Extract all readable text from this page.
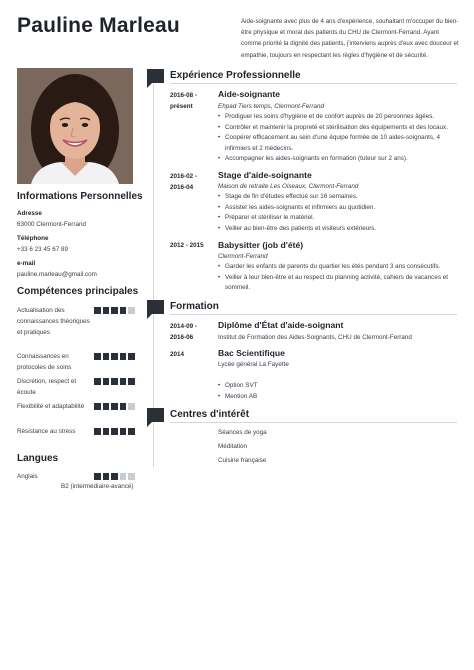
Pauline Marleau	Aide-soignante avec plus de 4 ans d'expérience, souhaitant m'occuper du bien-être physique et moral des patients du CHU de Clermont-Ferrand. Ayant comme priorité la dignité des patients, j'interviens auprès d'eux avec douceur et empathie, toujours en respectant les règles d'hygiène et de sécurité.
Informations Personnelles
Adresse
63000 Clermont-Ferrand
Téléphone
+33 6 23 45 67 89
e-mail
pauline.marleau@gmail.com
Compétences principales
Actualisation des connaissances théoriques et pratiques
Connaissances en protocoles de soins
Discrétion, respect et écoute
Flexibilité et adaptabilité
Résistance au stress
Langues
Anglais
B2 (intermédiaire-avancé)
Expérience Professionnelle
2016-08 - présent
Aide-soignante
Ehpad Tiers temps, Clermont-Ferrand
• Prodiguer les soins d'hygiène et de confort auprès de 20 personnes âgées.
• Contrôler et maintenir la propreté et stérilisation des équipements et des locaux.
• Coopérer efficacement au sein d'une équipe formée de 10 aides-soignants, 4 infirmiers et 2 médecins.
• Accompagner les aides-soignants en formation (tuteur sur 2 ans).
2016-02 - 2016-04
Stage d'aide-soignante
Maison de retraite Les Oiseaux, Clermont-Ferrand
• Stage de fin d'études effectué sur 16 semaines.
• Assister les aides-soignants et infirmiers au quotidien.
• Préparer et stériliser le matériel.
• Veiller au bien-être des patients et visiteurs extérieurs.
2012 - 2015	Babysitter (job d'été)
Clermont-Ferrand
• Garder les enfants de parents du quartier les étés pendant 3 ans consécutifs.
• Veiller à leur bien-être et au respect du planning activité, cahiers de vacances et sommeil.
Formation
2014-09 - 2016-06
Diplôme d'État d'aide-soignant
Institut de Formation des Aides-Soignants, CHU de Clermont-Ferrand
2014	Bac Scientifique
Lycée général La Fayette
• Option SVT
• Mention AB
Centres d'intérêt
Séances de yoga
Méditation
Cuisine française
